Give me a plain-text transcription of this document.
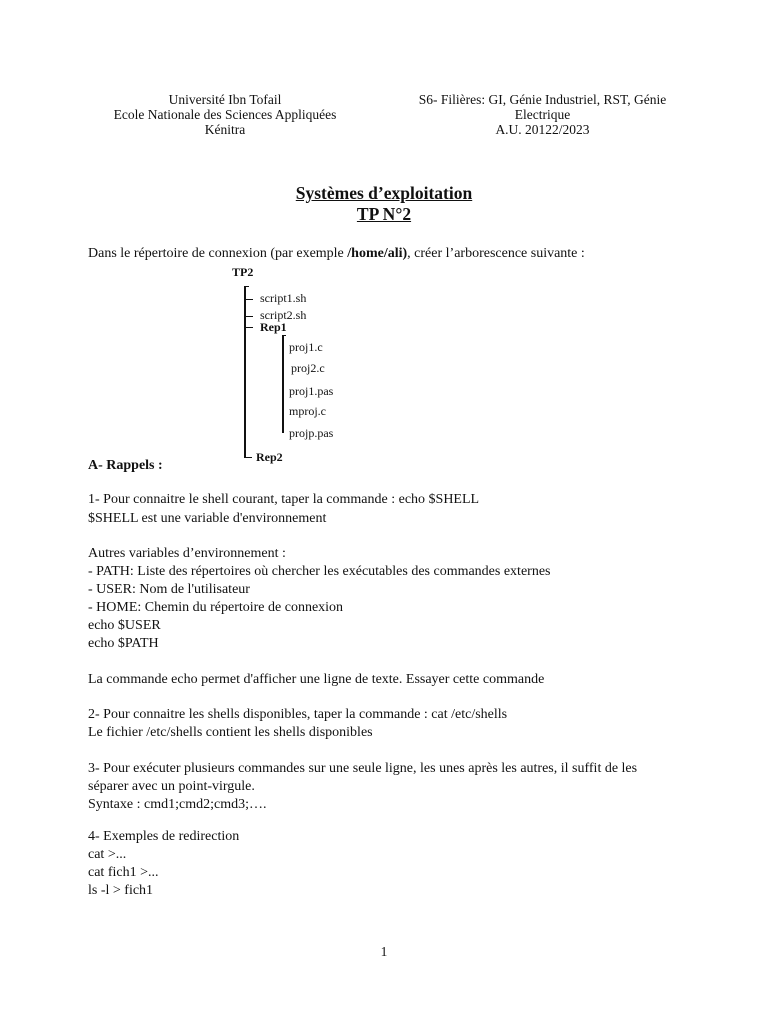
Université Ibn Tofail
Ecole Nationale des Sciences Appliquées
Kénitra
S6- Filières: GI, Génie Industriel, RST, Génie
Electrique
A.U. 20122/2023
Systèmes d’exploitation
TP N°2
Dans le répertoire de connexion (par exemple /home/ali), créer l’arborescence suivante :
TP2
script1.sh
script2.sh
Rep1
proj1.c
proj2.c
proj1.pas
mproj.c
projp.pas
Rep2
A- Rappels :
1- Pour connaitre le shell courant, taper la commande : echo $SHELL
$SHELL est une variable d'environnement
Autres variables d’environnement :
- PATH: Liste des répertoires où chercher les exécutables des commandes externes
- USER: Nom de l'utilisateur
- HOME: Chemin du répertoire de connexion
echo $USER
echo $PATH
La commande echo permet d'afficher une ligne de texte. Essayer cette commande
2- Pour connaitre les shells disponibles, taper la commande : cat /etc/shells
Le fichier /etc/shells contient les shells disponibles
3- Pour exécuter plusieurs commandes sur une seule ligne, les unes après les autres, il suffit de les
séparer avec un point-virgule.
Syntaxe : cmd1;cmd2;cmd3;….
4- Exemples de redirection
cat >...
cat fich1 >...
ls -l > fich1
1
